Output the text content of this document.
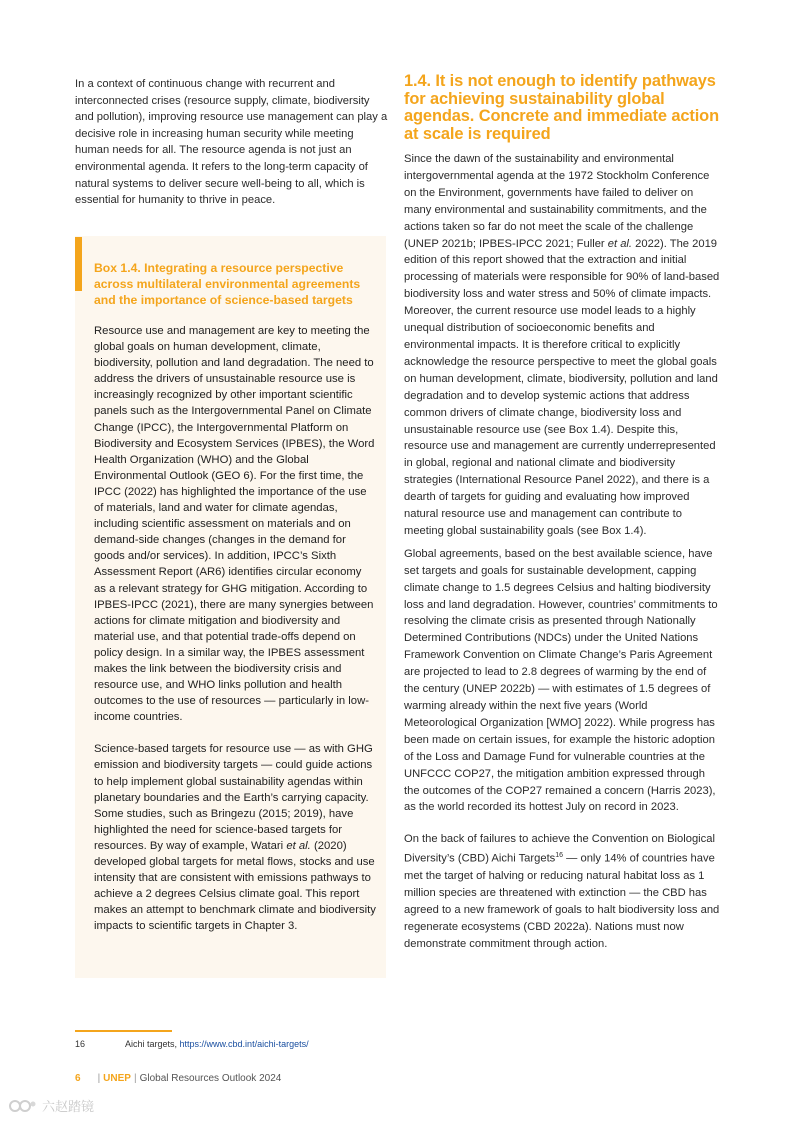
In a context of continuous change with recurrent and interconnected crises (resource supply, climate, biodiversity and pollution), improving resource use management can play a decisive role in increasing human security while meeting human needs for all. The resource agenda is not just an environmental agenda. It refers to the long-term capacity of natural systems to deliver secure well-being to all, which is essential for humanity to thrive in peace.

Box 1.4. Integrating a resource perspective across multilateral environmental agreements and the importance of science-based targets

Resource use and management are key to meeting the global goals on human development, climate, biodiversity, pollution and land degradation. The need to address the drivers of unsustainable resource use is increasingly recognized by other important scientific panels such as the Intergovernmental Panel on Climate Change (IPCC), the Intergovernmental Platform on Biodiversity and Ecosystem Services (IPBES), the Word Health Organization (WHO) and the Global Environmental Outlook (GEO 6). For the first time, the IPCC (2022) has highlighted the importance of the use of materials, land and water for climate agendas, including scientific assessment on materials and on demand-side changes (changes in the demand for goods and/or services). In addition, IPCC’s Sixth Assessment Report (AR6) identifies circular economy as a relevant strategy for GHG mitigation. According to IPBES-IPCC (2021), there are many synergies between actions for climate mitigation and biodiversity and material use, and that potential trade-offs depend on policy design. In a similar way, the IPBES assessment makes the link between the biodiversity crisis and resource use, and WHO links pollution and health outcomes to the use of resources — particularly in low-income countries.

Science-based targets for resource use — as with GHG emission and biodiversity targets — could guide actions to help implement global sustainability agendas within planetary boundaries and the Earth’s carrying capacity. Some studies, such as Bringezu (2015; 2019), have highlighted the need for science-based targets for resources. By way of example, Watari et al. (2020) developed global targets for metal flows, stocks and use intensity that are consistent with emissions pathways to achieve a 2 degrees Celsius climate goal. This report makes an attempt to benchmark climate and biodiversity impacts to scientific targets in Chapter 3.

1.4. It is not enough to identify pathways for achieving sustainability global agendas. Concrete and immediate action at scale is required

Since the dawn of the sustainability and environmental intergovernmental agenda at the 1972 Stockholm Conference on the Environment, governments have failed to deliver on many environmental and sustainability commitments, and the actions taken so far do not meet the scale of the challenge (UNEP 2021b; IPBES-IPCC 2021; Fuller et al. 2022). The 2019 edition of this report showed that the extraction and initial processing of materials were responsible for 90% of land-based biodiversity loss and water stress and 50% of climate impacts. Moreover, the current resource use model leads to a highly unequal distribution of socioeconomic benefits and environmental impacts. It is therefore critical to explicitly acknowledge the resource perspective to meet the global goals on human development, climate, biodiversity, pollution and land degradation and to develop systemic actions that address common drivers of climate change, biodiversity loss and unsustainable resource use (see Box 1.4). Despite this, resource use and management are currently underrepresented in global, regional and national climate and biodiversity strategies (International Resource Panel 2022), and there is a dearth of targets for guiding and evaluating how improved natural resource use and management can contribute to meeting global sustainability goals (see Box 1.4).

Global agreements, based on the best available science, have set targets and goals for sustainable development, capping climate change to 1.5 degrees Celsius and halting biodiversity loss and land degradation. However, countries’ commitments to resolving the climate crisis as presented through Nationally Determined Contributions (NDCs) under the United Nations Framework Convention on Climate Change’s Paris Agreement are projected to lead to 2.8 degrees of warming by the end of the century (UNEP 2022b) — with estimates of 1.5 degrees of warming already within the next five years (World Meteorological Organization [WMO] 2022). While progress has been made on certain issues, for example the historic adoption of the Loss and Damage Fund for vulnerable countries at the UNFCCC COP27, the mitigation ambition expressed through the outcomes of the COP27 remained a concern (Harris 2023), as the world recorded its hottest July on record in 2023.

On the back of failures to achieve the Convention on Biological Diversity’s (CBD) Aichi Targets$^{16}$ — only 14% of countries have met the target of halving or reducing natural habitat loss as 1 million species are threatened with extinction — the CBD has agreed to a new framework of goals to halt biodiversity loss and regenerate ecosystems (CBD 2022a). Nations must now demonstrate commitment through action.

16	Aichi targets, https://www.cbd.int/aichi-targets/
6 | UNEP | Global Resources Outlook 2024
六赵踏镜
